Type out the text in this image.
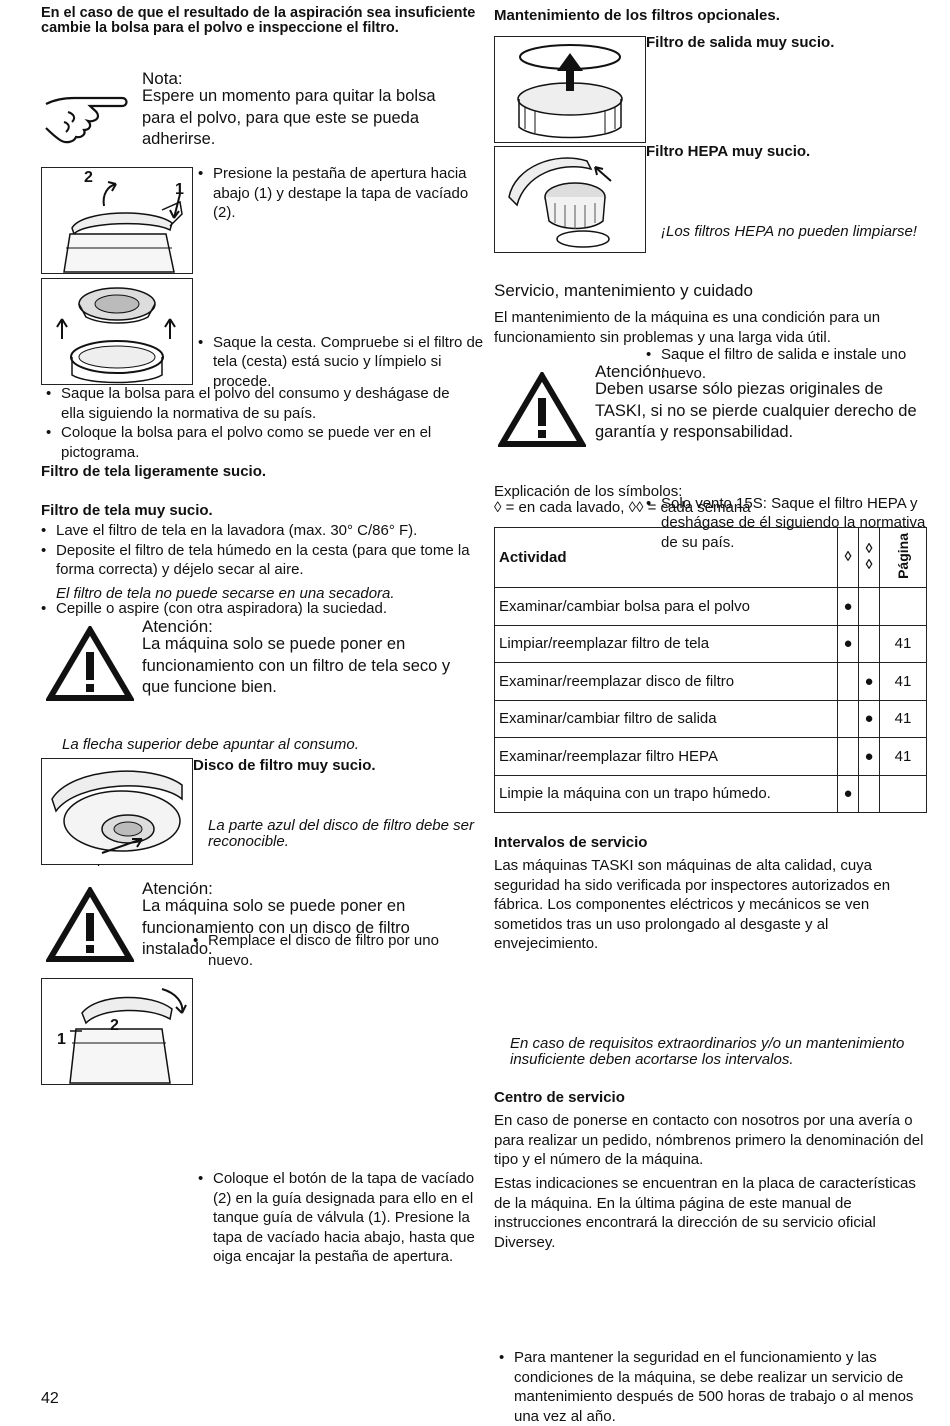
En el caso de que el resultado de la aspiración sea insuficiente cambie la bolsa para el polvo e inspeccione el filtro.

Nota:

Espere un momento para quitar la bolsa para el polvo, para que este se pueda adherirse.

2
1

• Presione la pestaña de apertura hacia abajo (1) y destape la tapa de vacíado (2).

• Saque la cesta. Compruebe si el filtro de tela (cesta) está sucio y límpielo si procede.

• Saque la bolsa para el polvo del consumo y deshágase de ella siguiendo la normativa de su país.

• Coloque la bolsa para el polvo como se puede ver en el pictograma.

Filtro de tela ligeramente sucio.

• Cepille o aspire (con otra aspiradora) la suciedad.

Filtro de tela muy sucio.

• Lave el filtro de tela en la lavadora (max. 30° C/86° F).

• Deposite el filtro de tela húmedo en la cesta (para que tome la forma correcta) y déjelo secar al aire.

El filtro de tela no puede secarse en una secadora.

Atención:

La máquina solo se puede poner en funcionamiento con un filtro de tela seco y que funcione bien.

•

La flecha superior debe apuntar al consumo.

Disco de filtro muy sucio.

• Remplace el disco de filtro por uno nuevo.

La parte azul del disco de filtro debe ser reconocible.

Atención:

La máquina solo se puede poner en funcionamiento con un disco de filtro instalado.

1
2

• Coloque el botón de la tapa de vacíado (2) en la guía designada para ello en el tanque guía de válvula (1). Presione la tapa de vacíado hacia abajo, hasta que oiga encajar la pestaña de apertura.

Mantenimiento de los filtros opcionales.

Filtro de salida muy sucio.

• Saque el filtro de salida e instale uno nuevo.

Filtro HEPA muy sucio.

• Solo vento 15S: Saque el filtro HEPA y deshágase de él siguiendo la normativa de su país.

¡Los filtros HEPA no pueden limpiarse!

Servicio, mantenimiento y cuidado

El mantenimiento de la máquina es una condición para un funcionamiento sin problemas y una larga vida útil.

Atención:

Deben usarse sólo piezas originales de TASKI, si no se pierde cualquier derecho de garantía y responsabilidad.

Explicación de los símbolos:

◊ = en cada lavado, ◊◊ = cada semana

Actividad	◊	◊◊	Página
Examinar/cambiar bolsa para el polvo	●		
Limpiar/reemplazar filtro de tela	●		41
Examinar/reemplazar disco de filtro		●	41
Examinar/cambiar filtro de salida		●	41
Examinar/reemplazar filtro HEPA		●	41
Limpie la máquina con un trapo húmedo.	●		

Intervalos de servicio

Las máquinas TASKI son máquinas de alta calidad, cuya seguridad ha sido verificada por inspectores autorizados en fábrica. Los componentes eléctricos y mecánicos se ven sometidos tras un uso prolongado al desgaste y al envejecimiento.

• Para mantener la seguridad en el funcionamiento y las condiciones de la máquina, se debe realizar un servicio de mantenimiento después de 500 horas de trabajo o al menos una vez al año.

En caso de requisitos extraordinarios y/o un mantenimiento insuficiente deben acortarse los intervalos.

Centro de servicio

En caso de ponerse en contacto con nosotros por una avería o para realizar un pedido, nómbrenos primero la denominación del tipo y el número de la máquina.

Estas indicaciones se encuentran en la placa de características de la máquina. En la última página de este manual de instrucciones encontrará la dirección de su servicio oficial Diversey.

42
